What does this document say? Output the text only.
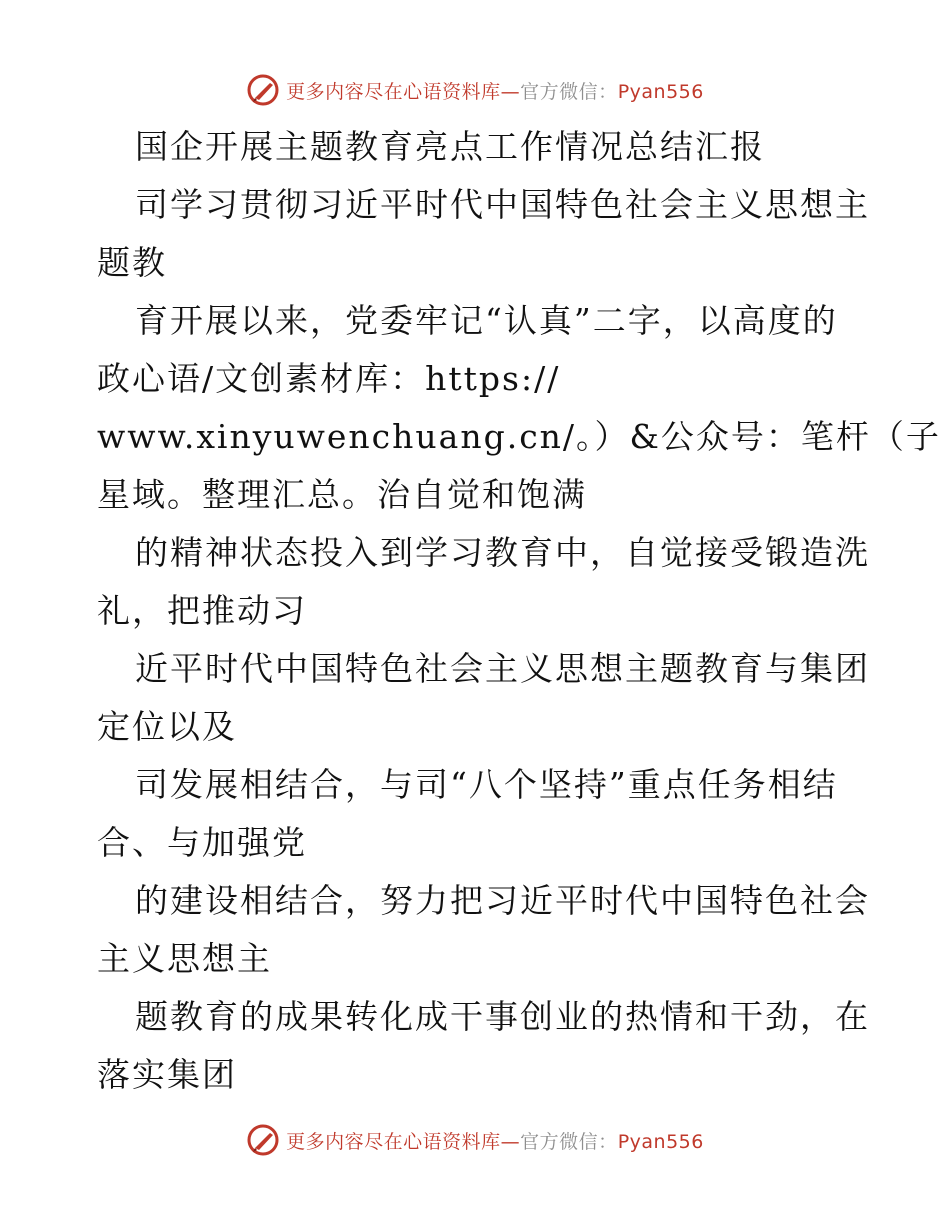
更多内容尽在心语资料库—官方微信：Pyan556
国企开展主题教育亮点工作情况总结汇报
司学习贯彻习近平时代中国特色社会主义思想主
题教
育开展以来，党委牢记“认真”二字，以高度的
政心语/文创素材库：https://
www.xinyuwenchuang.cn/。）&公众号：笔杆（子
星域。整理汇总。治自觉和饱满
的精神状态投入到学习教育中，自觉接受锻造洗
礼，把推动习
近平时代中国特色社会主义思想主题教育与集团
定位以及
司发展相结合，与司“八个坚持”重点任务相结
合、与加强党
的建设相结合，努力把习近平时代中国特色社会
主义思想主
题教育的成果转化成干事创业的热情和干劲，在
落实集团
更多内容尽在心语资料库—官方微信：Pyan556
